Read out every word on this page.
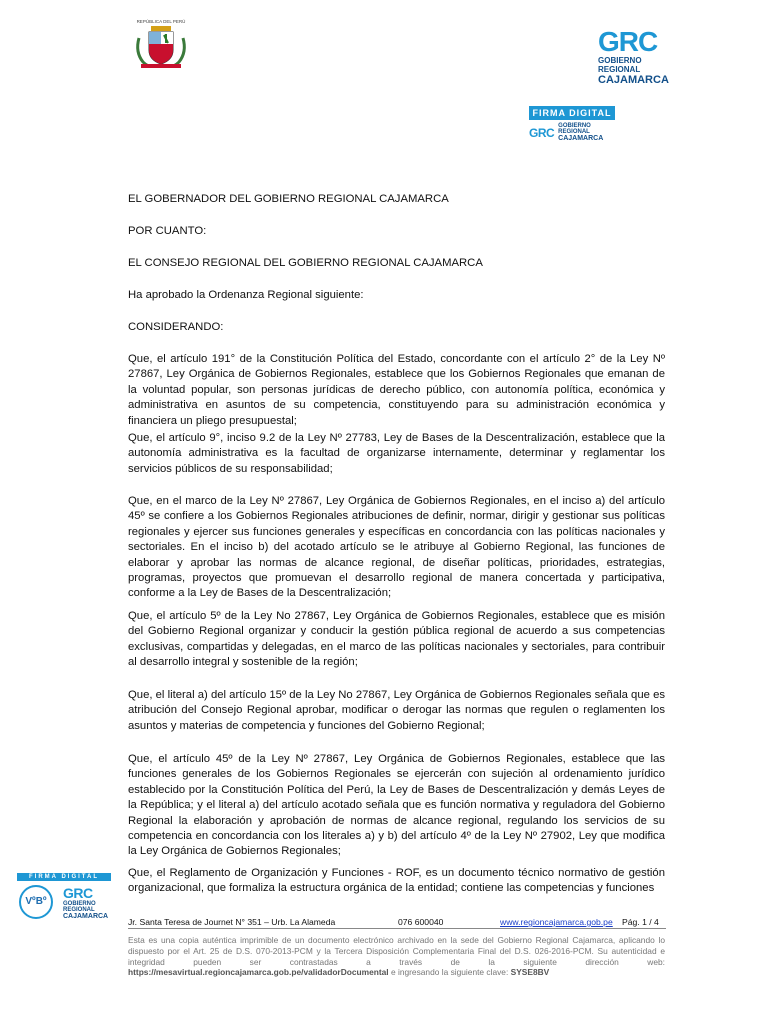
REPÚBLICA DEL PERÚ
GRC
GOBIERNO REGIONAL
CAJAMARCA
FIRMA DIGITAL
GRC GOBIERNO REGIONAL
CAJAMARCA
EL GOBERNADOR DEL GOBIERNO REGIONAL CAJAMARCA
POR CUANTO:
EL CONSEJO REGIONAL DEL GOBIERNO REGIONAL CAJAMARCA
Ha aprobado la Ordenanza Regional siguiente:
CONSIDERANDO:
Que, el artículo 191° de la Constitución Política del Estado, concordante con el artículo 2° de la Ley Nº 27867, Ley Orgánica de Gobiernos Regionales, establece que los Gobiernos Regionales que emanan de la voluntad popular, son personas jurídicas de derecho público, con autonomía política, económica y administrativa en asuntos de su competencia, constituyendo para su administración económica y financiera un pliego presupuestal;
Que, el artículo 9°, inciso 9.2 de la Ley Nº 27783, Ley de Bases de la Descentralización, establece que la autonomía administrativa es la facultad de organizarse internamente, determinar y reglamentar los servicios públicos de su responsabilidad;
Que, en el marco de la Ley Nº 27867, Ley Orgánica de Gobiernos Regionales, en el inciso a) del artículo 45º se confiere a los Gobiernos Regionales atribuciones de definir, normar, dirigir y gestionar sus políticas regionales y ejercer sus funciones generales y específicas en concordancia con las políticas nacionales y sectoriales. En el inciso b) del acotado artículo se le atribuye al Gobierno Regional, las funciones de elaborar y aprobar las normas de alcance regional, de diseñar políticas, prioridades, estrategias, programas, proyectos que promuevan el desarrollo regional de manera concertada y participativa, conforme a la Ley de Bases de la Descentralización;
Que, el artículo 5º de la Ley No 27867, Ley Orgánica de Gobiernos Regionales, establece que es misión del Gobierno Regional organizar y conducir la gestión pública regional de acuerdo a sus competencias exclusivas, compartidas y delegadas, en el marco de las políticas nacionales y sectoriales, para contribuir al desarrollo integral y sostenible de la región;
Que, el literal a) del artículo 15º de la Ley No 27867, Ley Orgánica de Gobiernos Regionales señala que es atribución del Consejo Regional aprobar, modificar o derogar las normas que regulen o reglamenten los asuntos y materias de competencia y funciones del Gobierno Regional;
Que, el artículo 45º de la Ley Nº 27867, Ley Orgánica de Gobiernos Regionales, establece que las funciones generales de los Gobiernos Regionales se ejercerán con sujeción al ordenamiento jurídico establecido por la Constitución Política del Perú, la Ley de Bases de Descentralización y demás Leyes de la República; y el literal a) del artículo acotado señala que es función normativa y reguladora del Gobierno Regional la elaboración y aprobación de normas de alcance regional, regulando los servicios de su competencia en concordancia con los literales a) y b) del artículo 4º de la Ley Nº 27902, Ley que modifica la Ley Orgánica de Gobiernos Regionales;
Que, el Reglamento de Organización y Funciones - ROF, es un documento técnico normativo de gestión organizacional, que formaliza la estructura orgánica de la entidad; contiene las competencias y funciones
FIRMA DIGITAL
VºBº
GRC
GOBIERNO REGIONAL
CAJAMARCA
Jr. Santa Teresa de Journet N° 351 – Urb. La Alameda	076 600040	www.regioncajamarca.gob.pe Pág. 1 / 4
Esta es una copia auténtica imprimible de un documento electrónico archivado en la sede del Gobierno Regional Cajamarca, aplicando lo dispuesto por el Art. 25 de D.S. 070-2013-PCM y la Tercera Disposición Complementaria Final del D.S. 026-2016-PCM. Su autenticidad e integridad pueden ser contrastadas a través de la siguiente dirección web: https://mesavirtual.regioncajamarca.gob.pe/validadorDocumental e ingresando la siguiente clave: SYSE8BV
